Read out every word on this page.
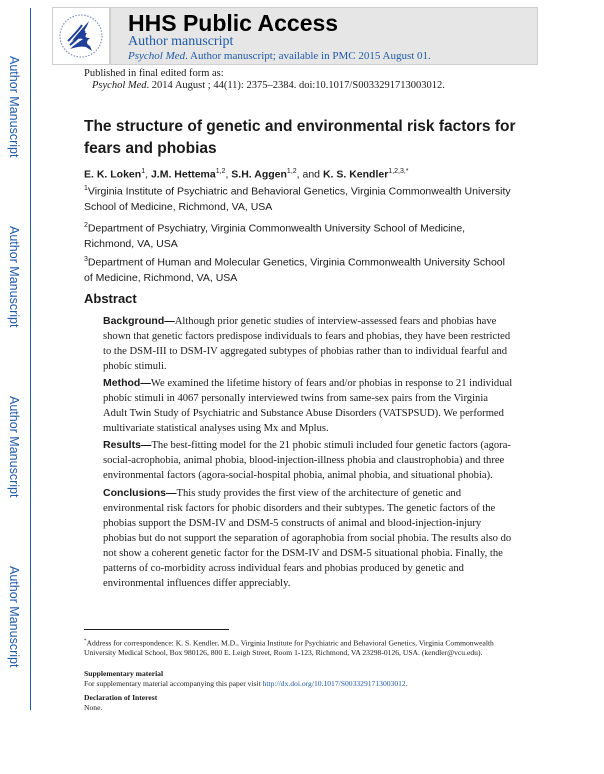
Author Manuscript
Author Manuscript
Author Manuscript
Author Manuscript
HHS Public Access
Author manuscript
Psychol Med. Author manuscript; available in PMC 2015 August 01.
Published in final edited form as:
Psychol Med. 2014 August ; 44(11): 2375–2384. doi:10.1017/S0033291713003012.
The structure of genetic and environmental risk factors for fears and phobias
E. K. Loken$^1$, J.M. Hettema$^{1,2}$, S.H. Aggen$^{1,2}$, and K. S. Kendler$^{1,2,3,*}$
$^1$Virginia Institute of Psychiatric and Behavioral Genetics, Virginia Commonwealth University School of Medicine, Richmond, VA, USA
$^2$Department of Psychiatry, Virginia Commonwealth University School of Medicine, Richmond, VA, USA
$^3$Department of Human and Molecular Genetics, Virginia Commonwealth University School of Medicine, Richmond, VA, USA
Abstract
Background—Although prior genetic studies of interview-assessed fears and phobias have shown that genetic factors predispose individuals to fears and phobias, they have been restricted to the DSM-III to DSM-IV aggregated subtypes of phobias rather than to individual fearful and phobic stimuli.
Method—We examined the lifetime history of fears and/or phobias in response to 21 individual phobic stimuli in 4067 personally interviewed twins from same-sex pairs from the Virginia Adult Twin Study of Psychiatric and Substance Abuse Disorders (VATSPSUD). We performed multivariate statistical analyses using Mx and Mplus.
Results—The best-fitting model for the 21 phobic stimuli included four genetic factors (agora-social-acrophobia, animal phobia, blood-injection-illness phobia and claustrophobia) and three environmental factors (agora-social-hospital phobia, animal phobia, and situational phobia).
Conclusions—This study provides the first view of the architecture of genetic and environmental risk factors for phobic disorders and their subtypes. The genetic factors of the phobias support the DSM-IV and DSM-5 constructs of animal and blood-injection-injury phobias but do not support the separation of agoraphobia from social phobia. The results also do not show a coherent genetic factor for the DSM-IV and DSM-5 situational phobia. Finally, the patterns of co-morbidity across individual fears and phobias produced by genetic and environmental influences differ appreciably.
*Address for correspondence: K. S. Kendler, M.D., Virginia Institute for Psychiatric and Behavioral Genetics, Virginia Commonwealth University Medical School, Box 980126, 800 E. Leigh Street, Room 1-123, Richmond, VA 23298-0126, USA. (kendler@vcu.edu).
Supplementary material
For supplementary material accompanying this paper visit http://dx.doi.org/10.1017/S0033291713003012.
Declaration of Interest
None.
